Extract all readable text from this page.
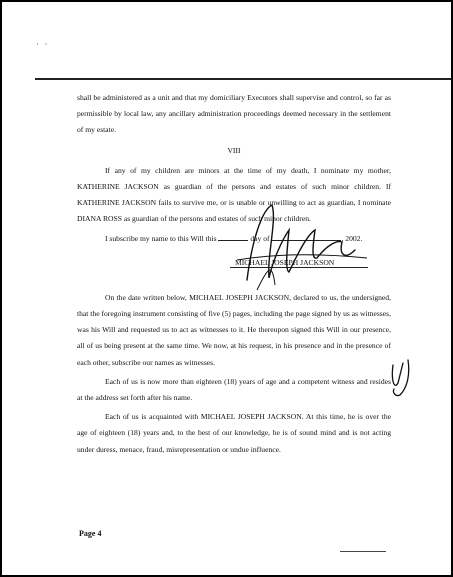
· ·

shall be administered as a unit and that my domiciliary Executors shall supervise and control, so far as permissible by local law, any ancillary administration proceedings deemed necessary in the settlement of my estate.

VIII

If any of my children are minors at the time of my death, I nominate my mother, KATHERINE JACKSON as guardian of the persons and estates of such minor children. If KATHERINE JACKSON fails to survive me, or is unable or unwilling to act as guardian, I nominate DIANA ROSS as guardian of the persons and estates of such minor children.

I subscribe my name to this Will this	day of	, 2002.

On the date written below, MICHAEL JOSEPH JACKSON, declared to us, the undersigned, that the foregoing instrument consisting of five (5) pages, including the page signed by us as witnesses, was his Will and requested us to act as witnesses to it. He thereupon signed this Will in our presence, all of us being present at the same time. We now, at his request, in his presence and in the presence of each other, subscribe our names as witnesses.

Each of us is now more than eighteen (18) years of age and a competent witness and resides at the address set forth after his name.

Each of us is acquainted with MICHAEL JOSEPH JACKSON. At this time, he is over the age of eighteen (18) years and, to the best of our knowledge, he is of sound mind and is not acting under duress, menace, fraud, misrepresentation or undue influence.

MICHAEL JOSEPH JACKSON
Page 4
